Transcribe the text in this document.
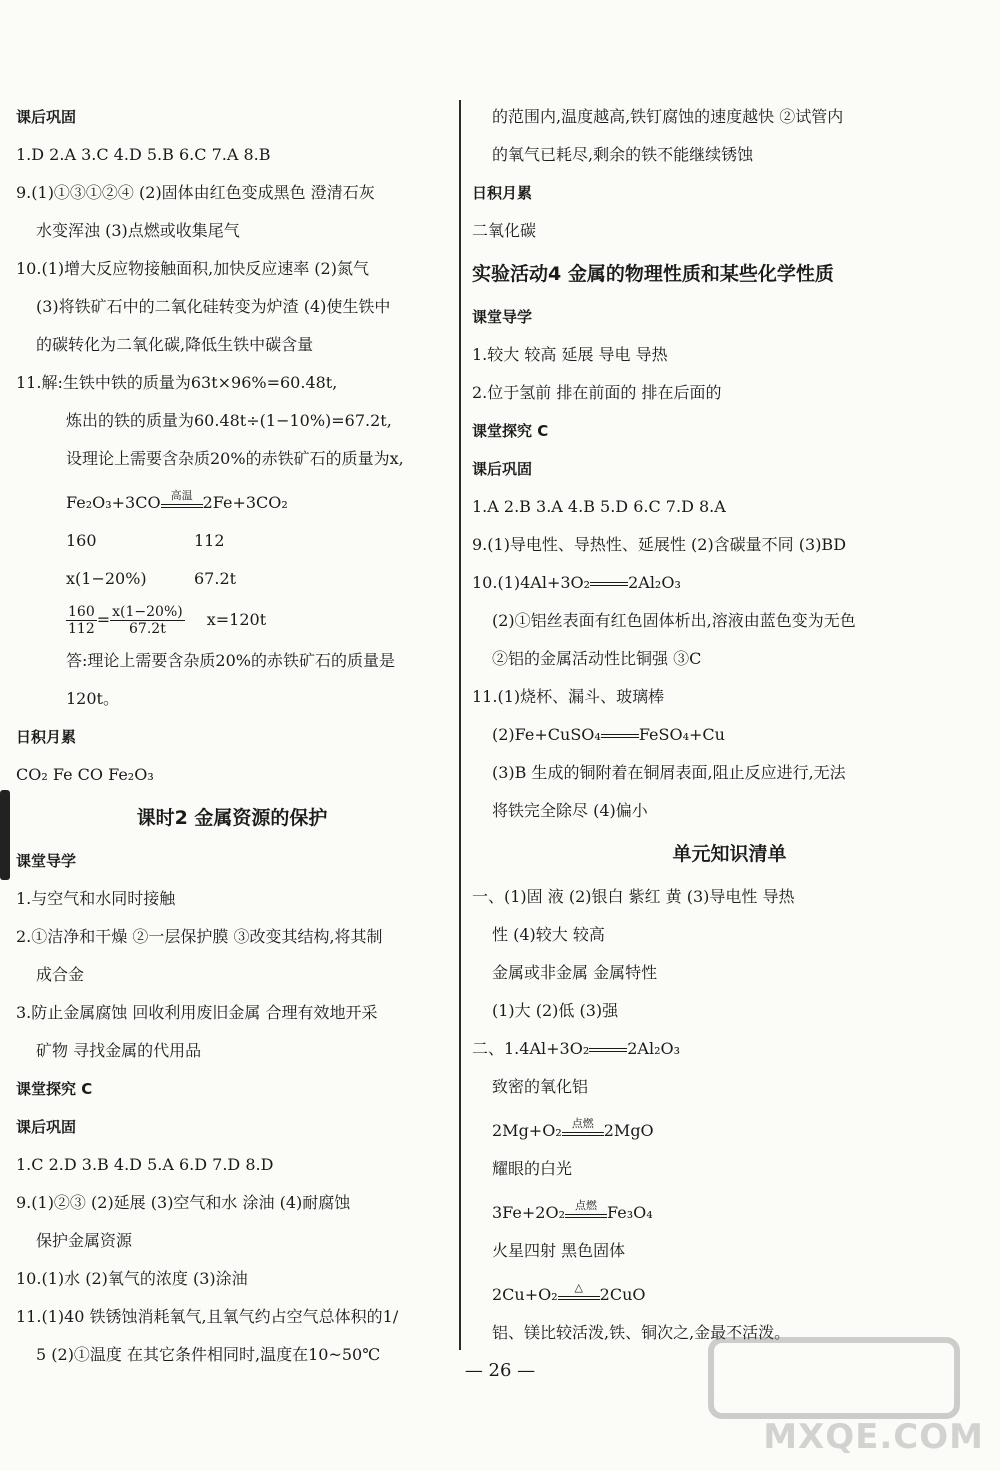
课后巩固
1.D 2.A 3.C 4.D 5.B 6.C 7.A 8.B
9.(1)①③①②④ (2)固体由红色变成黑色 澄清石灰
水变浑浊 (3)点燃或收集尾气
10.(1)增大反应物接触面积,加快反应速率 (2)氮气
(3)将铁矿石中的二氧化硅转变为炉渣 (4)使生铁中
的碳转化为二氧化碳,降低生铁中碳含量
11.解:生铁中铁的质量为63t×96%=60.48t,
炼出的铁的质量为60.48t÷(1−10%)=67.2t,
设理论上需要含杂质20%的赤铁矿石的质量为x,
Fe₂O₃+3CO 高温 2Fe+3CO₂
160	112
x(1−20%)	67.2t
$\frac{160}{112} = \frac{x(1-20\%)}{67.2t} x=120t$
答:理论上需要含杂质20%的赤铁矿石的质量是
120t。
日积月累
CO₂ Fe CO Fe₂O₃
课时2 金属资源的保护
课堂导学
1.与空气和水同时接触
2.①洁净和干燥 ②一层保护膜 ③改变其结构,将其制
成合金
3.防止金属腐蚀 回收利用废旧金属 合理有效地开采
矿物 寻找金属的代用品
课堂探究 C
课后巩固
1.C 2.D 3.B 4.D 5.A 6.D 7.D 8.D
9.(1)②③ (2)延展 (3)空气和水 涂油 (4)耐腐蚀
保护金属资源
10.(1)水 (2)氧气的浓度 (3)涂油
11.(1)40 铁锈蚀消耗氧气,且氧气约占空气总体积的1/
5 (2)①温度 在其它条件相同时,温度在10~50℃
的范围内,温度越高,铁钉腐蚀的速度越快 ②试管内
的氧气已耗尽,剩余的铁不能继续锈蚀
日积月累
二氧化碳
实验活动4 金属的物理性质和某些化学性质
课堂导学
1.较大 较高 延展 导电 导热
2.位于氢前 排在前面的 排在后面的
课堂探究 C
课后巩固
1.A 2.B 3.A 4.B 5.D 6.C 7.D 8.A
9.(1)导电性、导热性、延展性 (2)含碳量不同 (3)BD
10.(1)4Al+3O₂ 2Al₂O₃
(2)①铝丝表面有红色固体析出,溶液由蓝色变为无色
②铝的金属活动性比铜强 ③C
11.(1)烧杯、漏斗、玻璃棒
(2)Fe+CuSO₄ FeSO₄+Cu
(3)B 生成的铜附着在铜屑表面,阻止反应进行,无法
将铁完全除尽 (4)偏小
单元知识清单
一、(1)固 液 (2)银白 紫红 黄 (3)导电性 导热
性 (4)较大 较高
金属或非金属 金属特性
(1)大 (2)低 (3)强
二、1.4Al+3O₂ 2Al₂O₃
致密的氧化铝
2Mg+O₂ 点燃 2MgO
耀眼的白光
3Fe+2O₂ 点燃 Fe₃O₄
火星四射 黑色固体
2Cu+O₂	△	2CuO
铝、镁比较活泼,铁、铜次之,金最不活泼。
— 26 —
MXQE.COM
